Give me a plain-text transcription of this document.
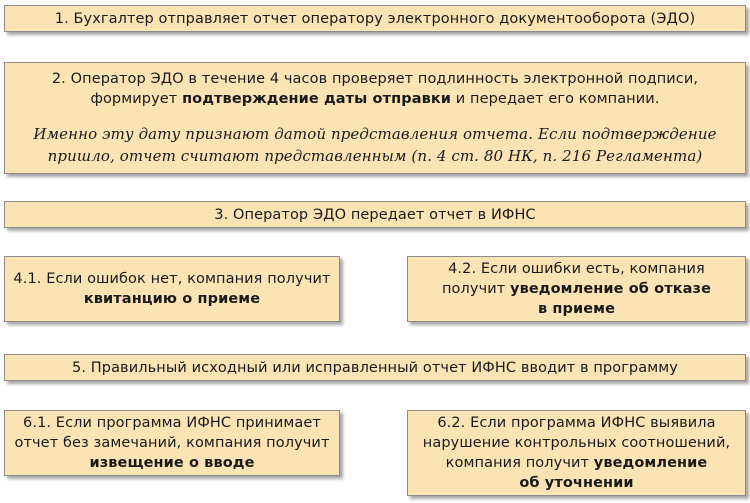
1. Бухгалтер отправляет отчет оператору электронного документооборота (ЭДО)
2. Оператор ЭДО в течение 4 часов проверяет подлинность электронной подписи,
формирует подтверждение даты отправки и передает его компании.
Именно эту дату признают датой представления отчета. Если подтверждение
пришло, отчет считают представленным (п. 4 ст. 80 НК, п. 216 Регламента)
3. Оператор ЭДО передает отчет в ИФНС
4.1. Если ошибок нет, компания получит
квитанцию о приеме
4.2. Если ошибки есть, компания
получит уведомление об отказе
в приеме
5. Правильный исходный или исправленный отчет ИФНС вводит в программу
6.1. Если программа ИФНС принимает
отчет без замечаний, компания получит
извещение о вводе
6.2. Если программа ИФНС выявила
нарушение контрольных соотношений,
компания получит уведомление
об уточнении
